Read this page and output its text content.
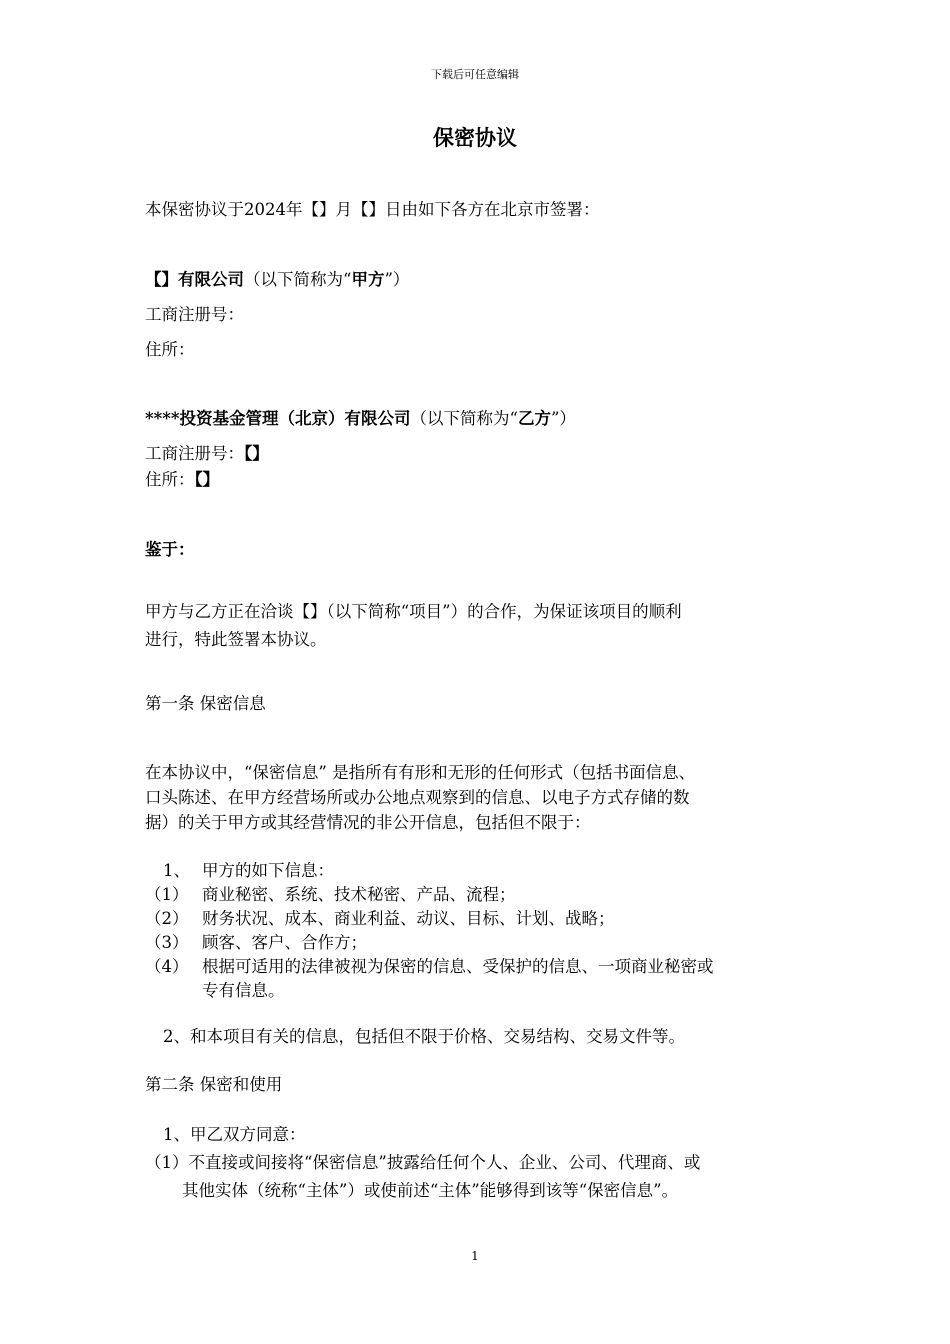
下载后可任意编辑
保密协议
本保密协议于2024年【】月【】日由如下各方在北京市签署：
【】有限公司（以下简称为“甲方”）
工商注册号：
住所：
****投资基金管理（北京）有限公司（以下简称为“乙方”）
工商注册号：【】
住所：【】
鉴于：
甲方与乙方正在洽谈【】（以下简称“项目”）的合作，为保证该项目的顺利
进行，特此签署本协议。
第一条 保密信息
在本协议中，“保密信息” 是指所有有形和无形的任何形式（包括书面信息、
口头陈述、在甲方经营场所或办公地点观察到的信息、以电子方式存储的数
据）的关于甲方或其经营情况的非公开信息，包括但不限于：
1、 甲方的如下信息：
（1） 商业秘密、系统、技术秘密、产品、流程；
（2） 财务状况、成本、商业利益、动议、目标、计划、战略；
（3） 顾客、客户、合作方；
（4） 根据可适用的法律被视为保密的信息、受保护的信息、一项商业秘密或
专有信息。
2、和本项目有关的信息，包括但不限于价格、交易结构、交易文件等。
第二条 保密和使用
1、甲乙双方同意：
（1）不直接或间接将“保密信息”披露给任何个人、企业、公司、代理商、或
其他实体（统称“主体”）或使前述“主体”能够得到该等“保密信息”。
1
